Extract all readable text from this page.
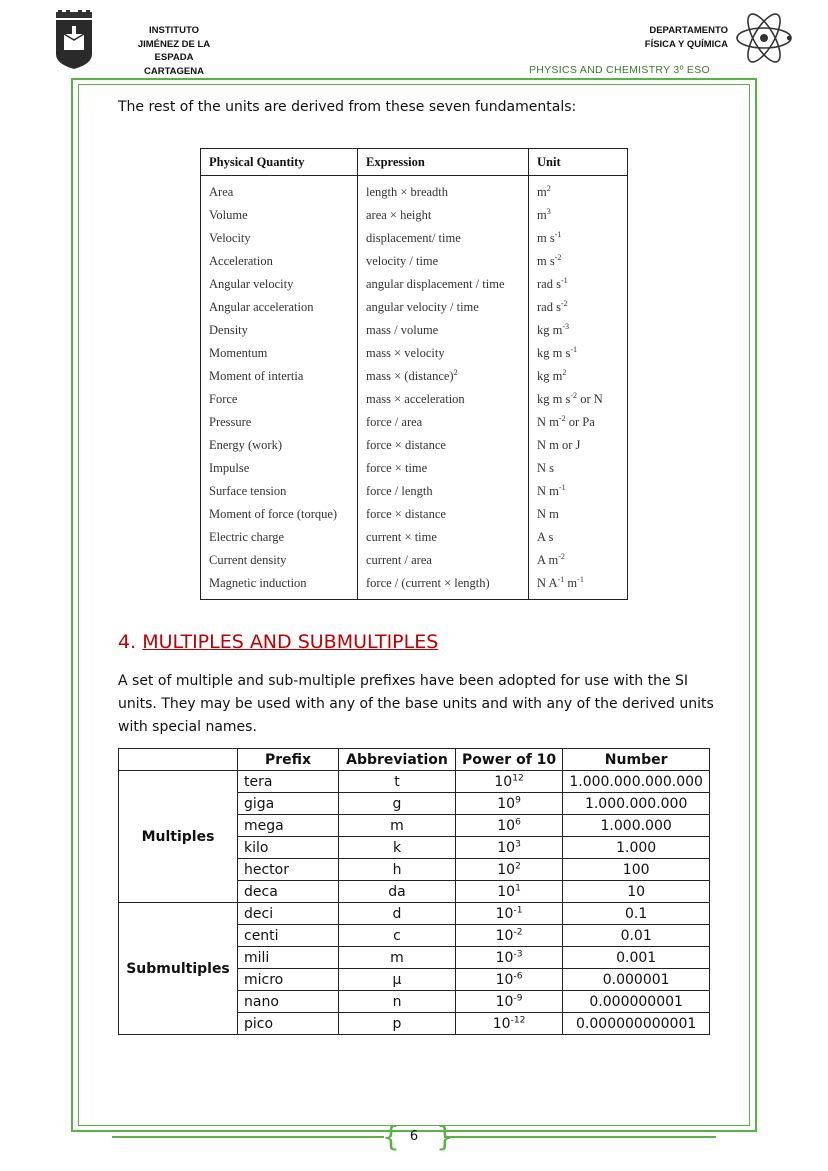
INSTITUTO
JIMÉNEZ DE LA ESPADA
CARTAGENA
DEPARTAMENTO
FÍSICA Y QUÍMICA
PHYSICS AND CHEMISTRY 3º ESO
The rest of the units are derived from these seven fundamentals:
Physical Quantity	Expression	Unit
Area	length × breadth	$m^2$
Volume	area × height	$m^3$
Velocity	displacement/ time	m $s^{-1}$
Acceleration	velocity / time	m $s^{-2}$
Angular velocity	angular displacement / time	rad $s^{-1}$
Angular acceleration	angular velocity / time	rad $s^{-2}$
Density	mass / volume	kg $m^{-3}$
Momentum	mass × velocity	kg m $s^{-1}$
Moment of intertia	mass × (distance)$^2$	kg $m^2$
Force	mass × acceleration	kg m $s^{-2}$ or N
Pressure	force / area	N $m^{-2}$ or Pa
Energy (work)	force × distance	N m or J
Impulse	force × time	N s
Surface tension	force / length	N $m^{-1}$
Moment of force (torque)	force × distance	N m
Electric charge	current × time	A s
Current density	current / area	A $m^{-2}$
Magnetic induction	force / (current × length)	N $A^{-1}$ $m^{-1}$
4. MULTIPLES AND SUBMULTIPLES
A set of multiple and sub-multiple prefixes have been adopted for use with the SI units. They may be used with any of the base units and with any of the derived units with special names.
	Prefix	Abbreviation	Power of 10	Number
Multiples	tera	t	$10^{12}$	1.000.000.000.000
	giga	g	$10^9$	1.000.000.000
	mega	m	$10^6$	1.000.000
	kilo	k	$10^3$	1.000
	hector	h	$10^2$	100
	deca	da	$10^1$	10
Submultiples	deci	d	$10^{-1}$	0.1
	centi	c	$10^{-2}$	0.01
	mili	m	$10^{-3}$	0.001
	micro	μ	$10^{-6}$	0.000001
	nano	n	$10^{-9}$	0.000000001
	pico	p	$10^{-12}$	0.000000000001
{ }
6
